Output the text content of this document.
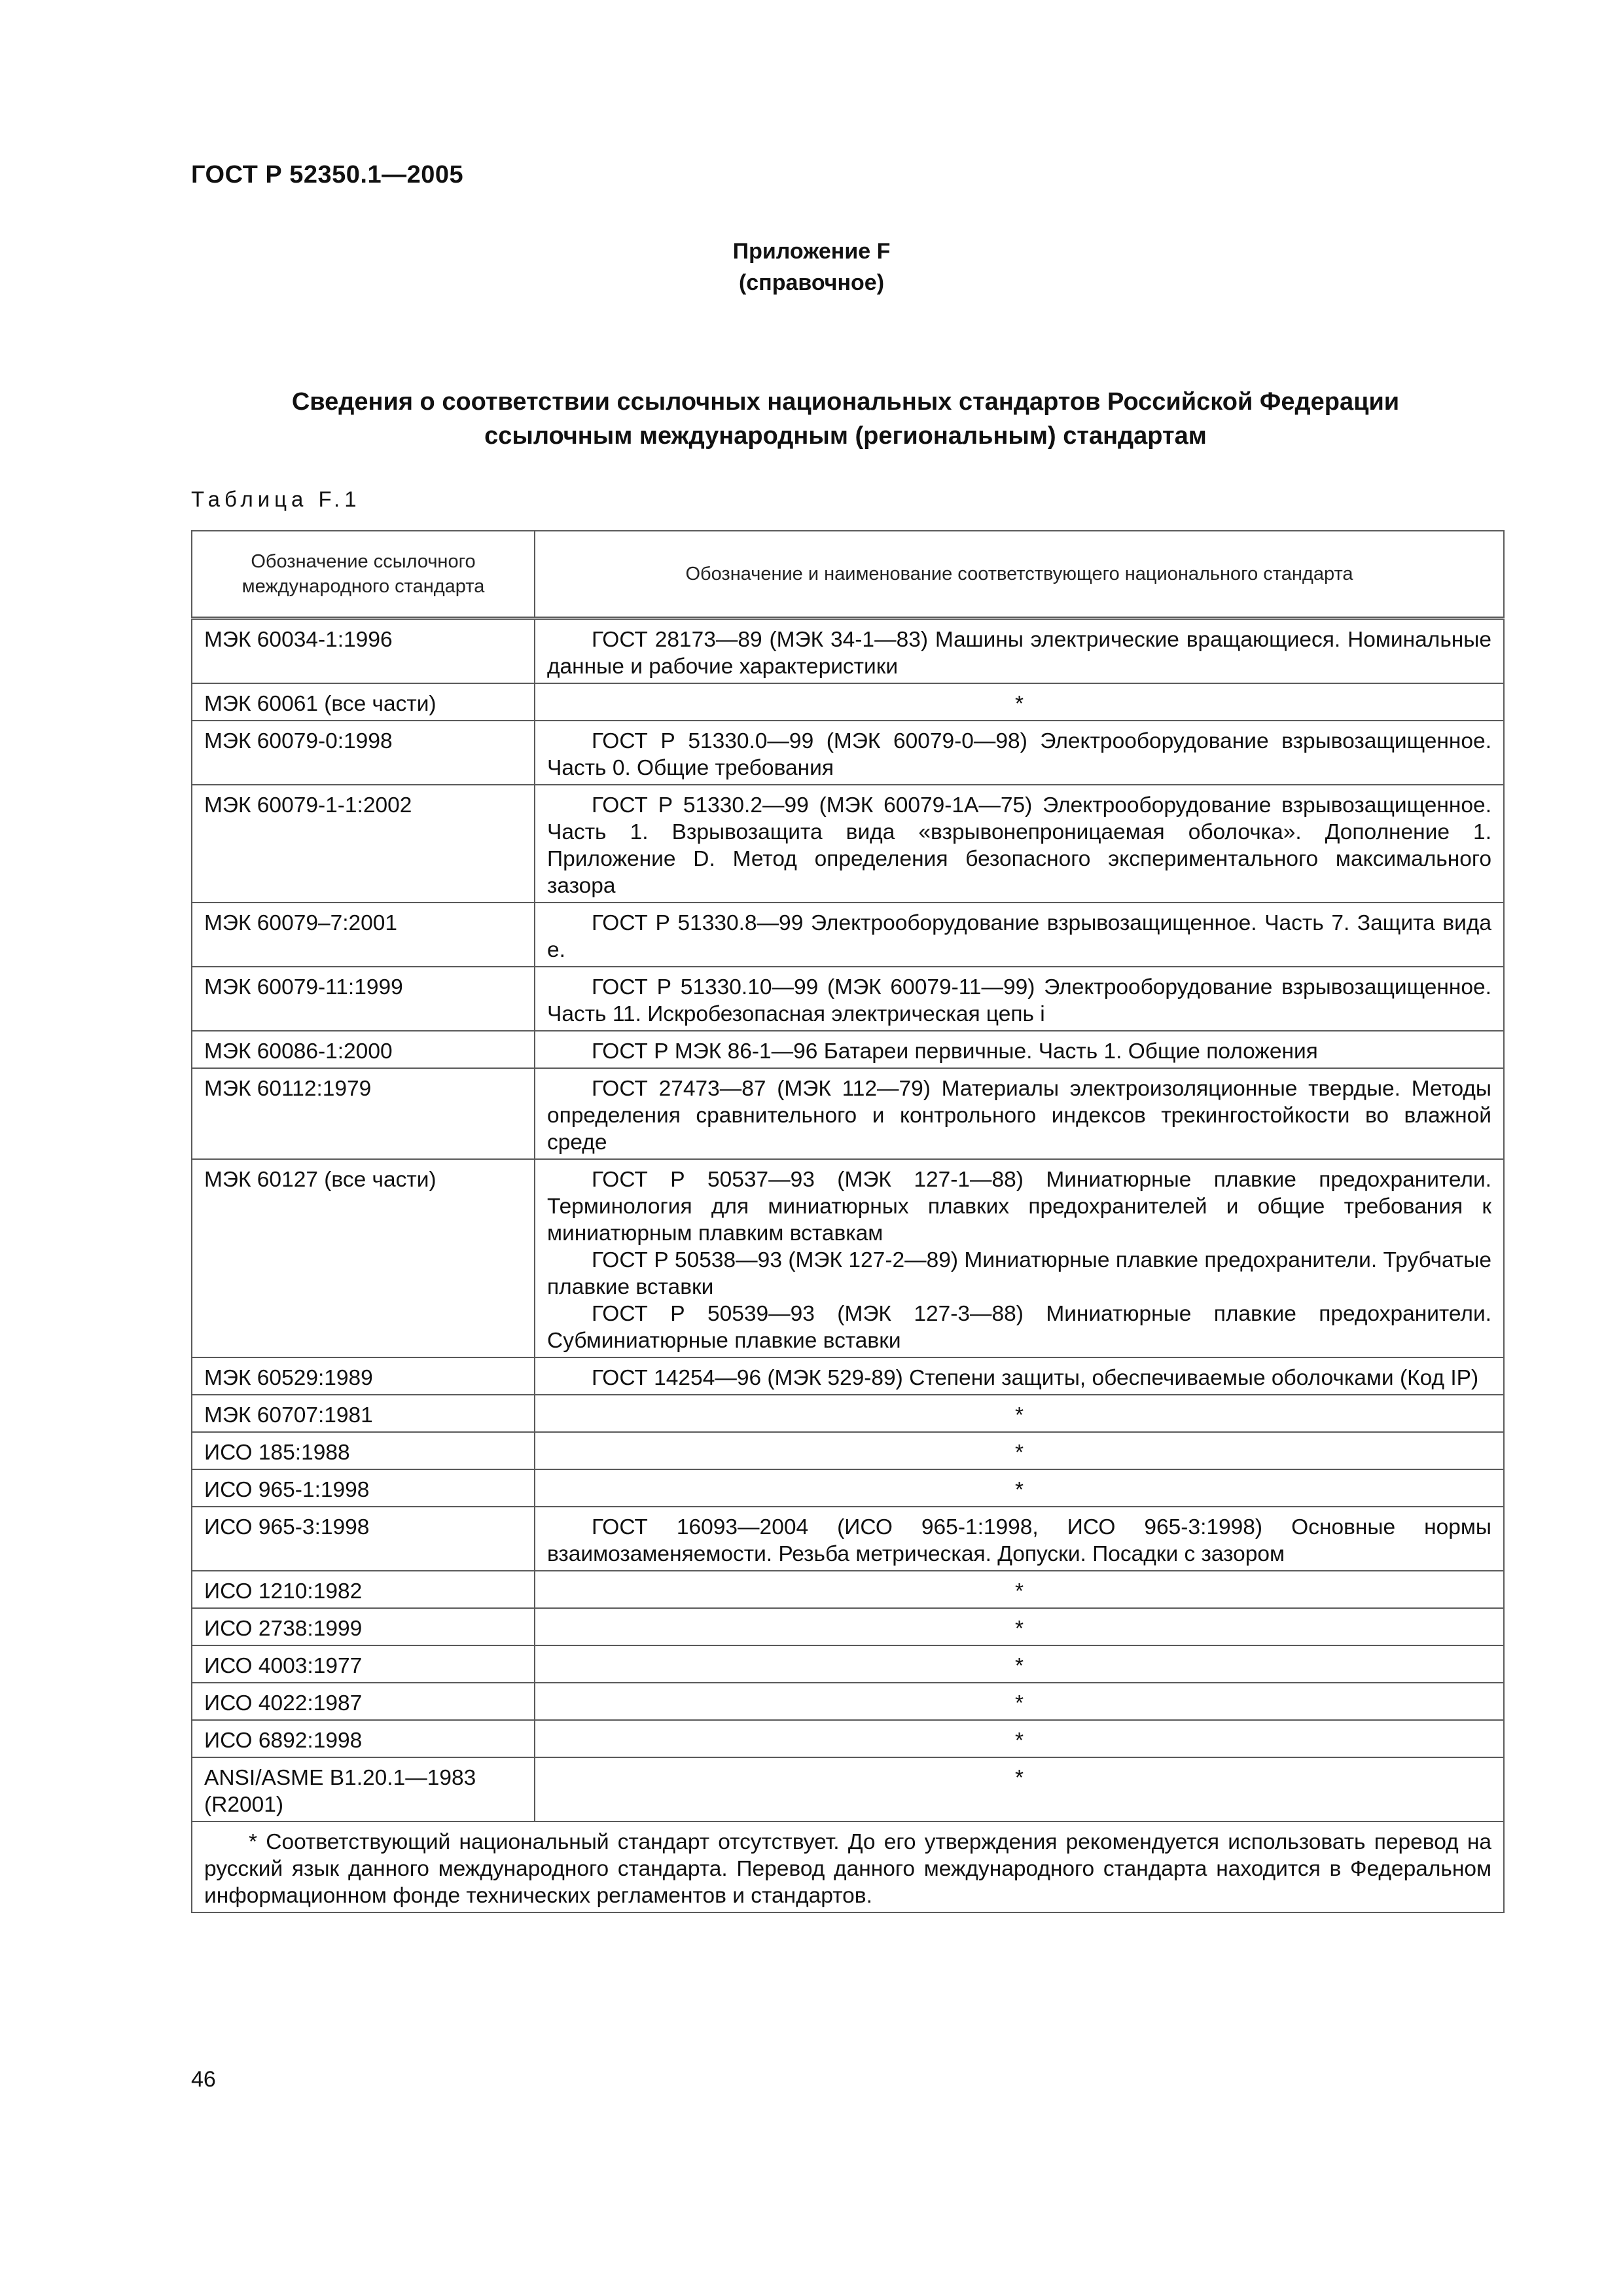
ГОСТ Р 52350.1—2005
Приложение F
(справочное)
Сведения о соответствии ссылочных национальных стандартов Российской Федерации
ссылочным международным (региональным) стандартам
Таблица F.1
Обозначение ссылочного международного стандарта	Обозначение и наименование соответствующего национального стандарта
МЭК 60034-1:1996	ГОСТ 28173—89 (МЭК 34-1—83) Машины электрические вращающиеся. Номинальные данные и рабочие характеристики
МЭК 60061 (все части)	*
МЭК 60079-0:1998	ГОСТ Р 51330.0—99 (МЭК 60079-0—98) Электрооборудование взрывозащищенное. Часть 0. Общие требования
МЭК 60079-1-1:2002	ГОСТ Р 51330.2—99 (МЭК 60079-1А—75) Электрооборудование взрывозащищенное. Часть 1. Взрывозащита вида «взрывонепроницаемая оболочка». Дополнение 1. Приложение D. Метод определения безопасного экспериментального максимального зазора
МЭК 60079–7:2001	ГОСТ Р 51330.8—99 Электрооборудование взрывозащищенное. Часть 7. Защита вида е.
МЭК 60079-11:1999	ГОСТ Р 51330.10—99 (МЭК 60079-11—99) Электрооборудование взрывозащищенное. Часть 11. Искробезопасная электрическая цепь i
МЭК 60086-1:2000	ГОСТ Р МЭК 86-1—96 Батареи первичные. Часть 1. Общие положения
МЭК 60112:1979	ГОСТ 27473—87 (МЭК 112—79) Материалы электроизоляционные твердые. Методы определения сравнительного и контрольного индексов трекингостойкости во влажной среде
МЭК 60127 (все части)	ГОСТ Р 50537—93 (МЭК 127-1—88) Миниатюрные плавкие предохранители. Терминология для миниатюрных плавких предохранителей и общие требования к миниатюрным плавким вставкам

ГОСТ Р 50538—93 (МЭК 127-2—89) Миниатюрные плавкие предохранители. Трубчатые плавкие вставки

ГОСТ Р 50539—93 (МЭК 127-3—88) Миниатюрные плавкие предохранители. Субминиатюрные плавкие вставки

МЭК 60529:1989	ГОСТ 14254—96 (МЭК 529-89) Степени защиты, обеспечиваемые оболочками (Код IP)
МЭК 60707:1981	*
ИСО 185:1988	*
ИСО 965-1:1998	*
ИСО 965-3:1998	ГОСТ 16093—2004 (ИСО 965-1:1998, ИСО 965-3:1998) Основные нормы взаимозаменяемости. Резьба метрическая. Допуски. Посадки с зазором
ИСО 1210:1982	*
ИСО 2738:1999	*
ИСО 4003:1977	*
ИСО 4022:1987	*
ИСО 6892:1998	*
ANSI/ASME B1.20.1—1983 (R2001)	*
* Соответствующий национальный стандарт отсутствует. До его утверждения рекомендуется использовать перевод на русский язык данного международного стандарта. Перевод данного международного стандарта находится в Федеральном информационном фонде технических регламентов и стандартов.	
46
